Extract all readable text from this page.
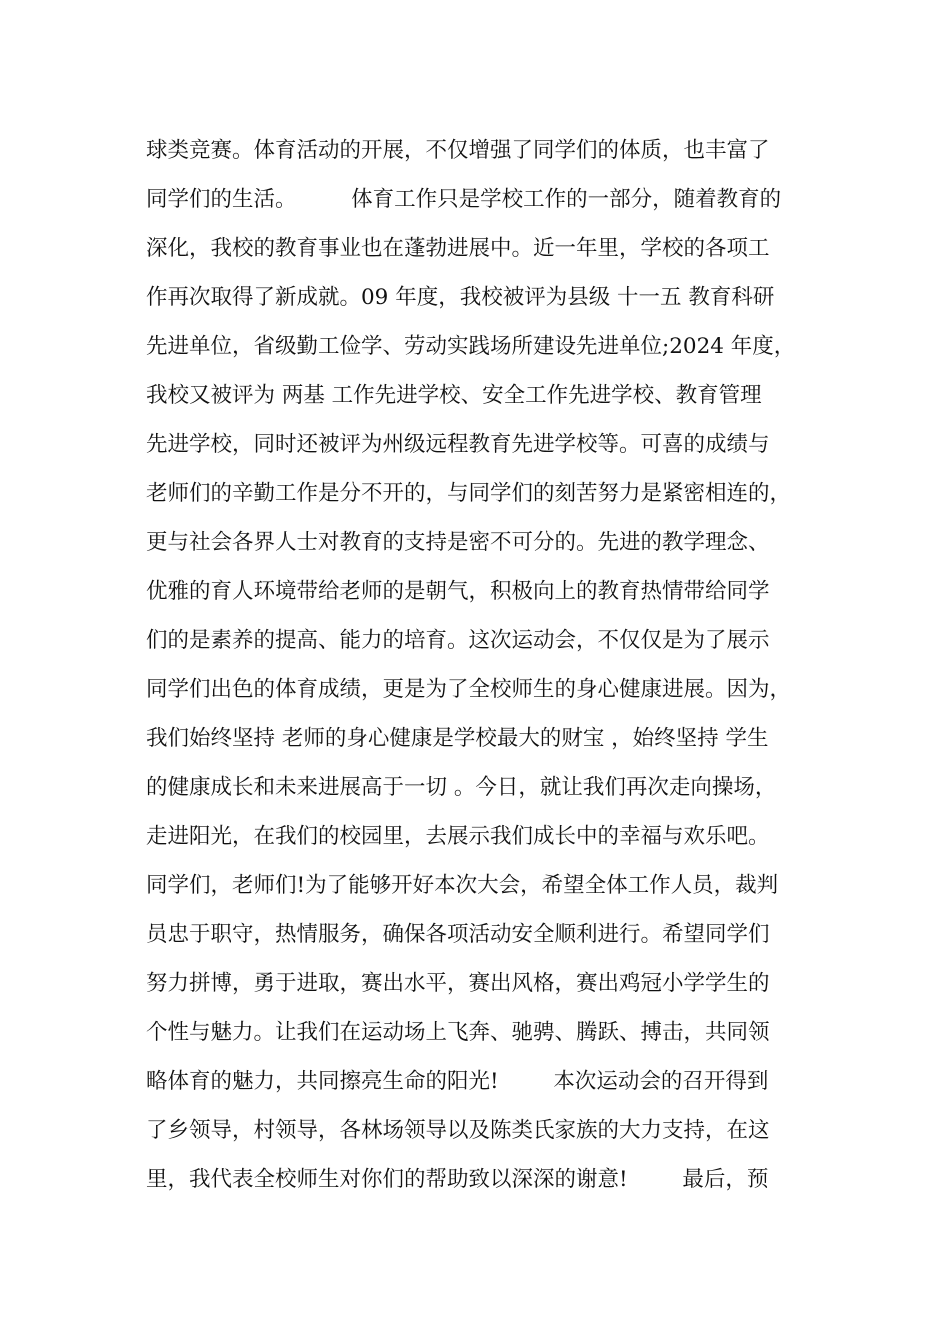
球类竞赛。体育活动的开展，不仅增强了同学们的体质，也丰富了
同学们的生活。        体育工作只是学校工作的一部分，随着教育的
深化，我校的教育事业也在蓬勃进展中。近一年里，学校的各项工
作再次取得了新成就。09 年度，我校被评为县级 十一五 教育科研
先进单位，省级勤工俭学、劳动实践场所建设先进单位;2024 年度，
我校又被评为 两基 工作先进学校、安全工作先进学校、教育管理
先进学校，同时还被评为州级远程教育先进学校等。可喜的成绩与
老师们的辛勤工作是分不开的，与同学们的刻苦努力是紧密相连的，
更与社会各界人士对教育的支持是密不可分的。先进的教学理念、
优雅的育人环境带给老师的是朝气，积极向上的教育热情带给同学
们的是素养的提高、能力的培育。这次运动会，不仅仅是为了展示
同学们出色的体育成绩，更是为了全校师生的身心健康进展。因为，
我们始终坚持 老师的身心健康是学校最大的财宝 ，始终坚持 学生
的健康成长和未来进展高于一切 。今日，就让我们再次走向操场，
走进阳光，在我们的校园里，去展示我们成长中的幸福与欢乐吧。
同学们，老师们!为了能够开好本次大会，希望全体工作人员，裁判
员忠于职守，热情服务，确保各项活动安全顺利进行。希望同学们
努力拼博，勇于进取，赛出水平，赛出风格，赛出鸡冠小学学生的
个性与魅力。让我们在运动场上飞奔、驰骋、腾跃、搏击，共同领
略体育的魅力，共同擦亮生命的阳光!        本次运动会的召开得到
了乡领导，村领导，各林场领导以及陈类氏家族的大力支持，在这
里，我代表全校师生对你们的帮助致以深深的谢意!        最后，预
